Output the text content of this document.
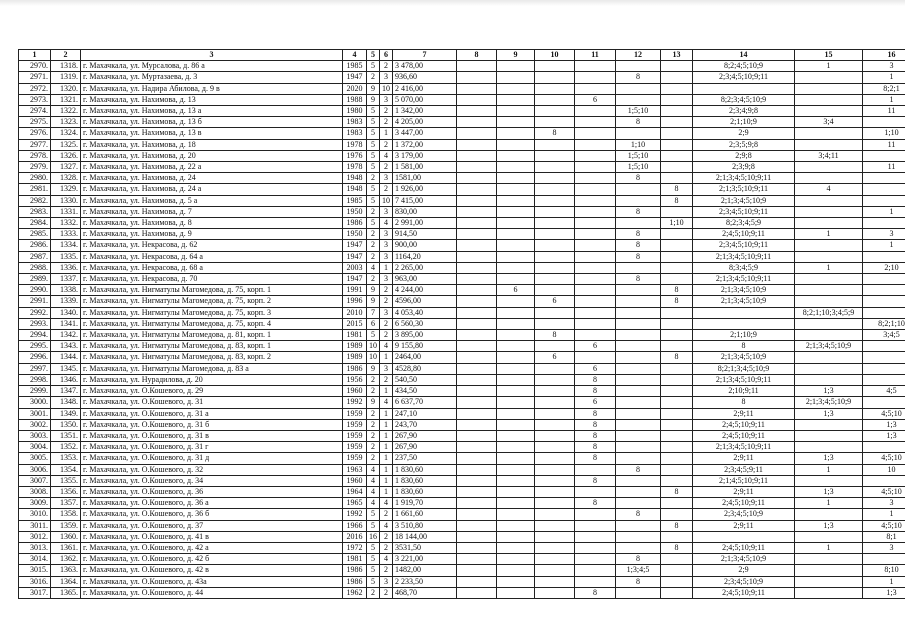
1	2	3	4	5	6	7	8	9	10	11	12	13	14	15	16
2970.	1318.	г. Махачкала, ул. Мурсалова, д. 86 а	1985	5	2	3 478,00							8;2;4;5;10;9	1	3
2971.	1319.	г. Махачкала, ул. Муртазаева, д. 3	1947	2	3	936,60					8		2;3;4;5;10;9;11		1
2972.	1320.	г. Махачкала, ул. Надира Абилова, д. 9 в	2020	9	10	2 416,00									8;2;1
2973.	1321.	г. Махачкала, ул. Нахимова, д. 13	1988	9	3	5 070,00				6			8;2;3;4;5;10;9		1
2974.	1322.	г. Махачкала, ул. Нахимова, д. 13 а	1980	5	2	1 342,00					1;5;10		2;3;4;9;8		11
2975.	1323.	г. Махачкала, ул. Нахимова, д. 13 б	1983	5	2	4 205,00					8		2;1;10;9	3;4	
2976.	1324.	г. Махачкала, ул. Нахимова, д. 13 в	1983	5	1	3 447,00			8				2;9		1;10
2977.	1325.	г. Махачкала, ул. Нахимова, д. 18	1978	5	2	1 372,00					1;10		2;3;5;9;8		11
2978.	1326.	г. Махачкала, ул. Нахимова, д. 20	1976	5	4	3 179,00					1;5;10		2;9;8	3;4;11	
2979.	1327.	г. Махачкала, ул. Нахимова, д. 22 а	1978	5	2	1 581,00					1;5;10		2;3;9;8		11
2980.	1328.	г. Махачкала, ул. Нахимова, д. 24	1948	2	3	1581,00					8		2;1;3;4;5;10;9;11		
2981.	1329.	г. Махачкала, ул. Нахимова, д. 24 а	1948	5	2	1 926,00						8	2;1;3;5;10;9;11	4	
2982.	1330.	г. Махачкала, ул. Нахимова, д. 5 а	1985	5	10	7 415,00						8	2;1;3;4;5;10;9		
2983.	1331.	г. Махачкала, ул. Нахимова, д. 7	1950	2	3	830,00					8		2;3;4;5;10;9;11		1
2984.	1332.	г. Махачкала, ул. Нахимова, д. 8	1986	5	4	2 991,00						1;10	8;2;3;4;5;9		
2985.	1333.	г. Махачкала, ул. Нахимова, д. 9	1950	2	3	914,50					8		2;4;5;10;9;11	1	3
2986.	1334.	г. Махачкала, ул. Некрасова, д. 62	1947	2	3	900,00					8		2;3;4;5;10;9;11		1
2987.	1335.	г. Махачкала, ул. Некрасова, д. 64 а	1947	2	3	1164,20					8		2;1;3;4;5;10;9;11		
2988.	1336.	г. Махачкала, ул. Некрасова, д. 68 а	2003	4	1	2 265,00							8;3;4;5;9	1	2;10
2989.	1337.	г. Махачкала, ул. Некрасова, д. 70	1947	2	3	963,00					8		2;1;3;4;5;10;9;11		
2990.	1338.	г. Махачкала, ул. Нигматулы Магомедова, д. 75, корп. 1	1991	9	2	4 244,00		6				8	2;1;3;4;5;10;9		
2991.	1339.	г. Махачкала, ул. Нигматулы Магомедова, д. 75, корп. 2	1996	9	2	4596,00			6			8	2;1;3;4;5;10;9		
2992.	1340.	г. Махачкала, ул. Нигматулы Магомедова, д. 75, корп. 3	2010	7	3	4 053,40								8;2;1;10;3;4;5;9	
2993.	1341.	г. Махачкала, ул. Нигматулы Магомедова, д. 75, корп. 4	2015	6	2	6 560,30									8;2;1;10
2994.	1342.	г. Махачкала, ул. Нигматулы Магомедова, д. 81, корп. 1	1981	5	2	3 895,00			8				2;1;10;9		3;4;5
2995.	1343.	г. Махачкала, ул. Нигматулы Магомедова, д. 83, корп. 1	1989	10	4	9 155,80				6			8	2;1;3;4;5;10;9	
2996.	1344.	г. Махачкала, ул. Нигматулы Магомедова, д. 83, корп. 2	1989	10	1	2464,00			6			8	2;1;3;4;5;10;9		
2997.	1345.	г. Махачкала, ул. Нигматулы Магомедова, д. 83 а	1986	9	3	4528,80				6			8;2;1;3;4;5;10;9		
2998.	1346.	г. Махачкала, ул. Нурадилова, д. 20	1956	2	2	540,50				8			2;1;3;4;5;10;9;11		
2999.	1347.	г. Махачкала, ул. О.Кошевого, д. 29	1960	2	1	434,50				8			2;10;9;11	1;3	4;5
3000.	1348.	г. Махачкала, ул. О.Кошевого, д. 31	1992	9	4	6 637,70				6			8	2;1;3;4;5;10;9	
3001.	1349.	г. Махачкала, ул. О.Кошевого, д. 31 а	1959	2	1	247,10				8			2;9;11	1;3	4;5;10
3002.	1350.	г. Махачкала, ул. О.Кошевого, д. 31 б	1959	2	1	243,70				8			2;4;5;10;9;11		1;3
3003.	1351.	г. Махачкала, ул. О.Кошевого, д. 31 в	1959	2	1	267,90				8			2;4;5;10;9;11		1;3
3004.	1352.	г. Махачкала, ул. О.Кошевого, д. 31 г	1959	2	1	267,90				8			2;1;3;4;5;10;9;11		
3005.	1353.	г. Махачкала, ул. О.Кошевого, д. 31 д	1959	2	1	237,50				8			2;9;11	1;3	4;5;10
3006.	1354.	г. Махачкала, ул. О.Кошевого, д. 32	1963	4	1	1 830,60					8		2;3;4;5;9;11	1	10
3007.	1355.	г. Махачкала, ул. О.Кошевого, д. 34	1960	4	1	1 830,60				8			2;1;4;5;10;9;11		
3008.	1356.	г. Махачкала, ул. О.Кошевого, д. 36	1964	4	1	1 830,60						8	2;9;11	1;3	4;5;10
3009.	1357.	г. Махачкала, ул. О.Кошевого, д. 36 а	1965	4	4	1 919,70				8			2;4;5;10;9;11	1	3
3010.	1358.	г. Махачкала, ул. О.Кошевого, д. 36 б	1992	5	2	1 661,60					8		2;3;4;5;10;9		1
3011.	1359.	г. Махачкала, ул. О.Кошевого, д. 37	1966	5	4	3 510,80						8	2;9;11	1;3	4;5;10
3012.	1360.	г. Махачкала, ул. О.Кошевого, д. 41 в	2016	16	2	18 144,00									8;1
3013.	1361.	г. Махачкала, ул. О.Кошевого, д. 42 а	1972	5	2	3531,50						8	2;4;5;10;9;11	1	3
3014.	1362.	г. Махачкала, ул. О.Кошевого, д. 42 б	1981	5	4	3 221,00					8		2;1;3;4;5;10;9		
3015.	1363.	г. Махачкала, ул. О.Кошевого, д. 42 в	1986	5	2	1482,00					1;3;4;5		2;9		8;10
3016.	1364.	г. Махачкала, ул. О.Кошевого, д. 43а	1986	5	3	2 233,50					8		2;3;4;5;10;9		1
3017.	1365.	г. Махачкала, ул. О.Кошевого, д. 44	1962	2	2	468,70				8			2;4;5;10;9;11		1;3
